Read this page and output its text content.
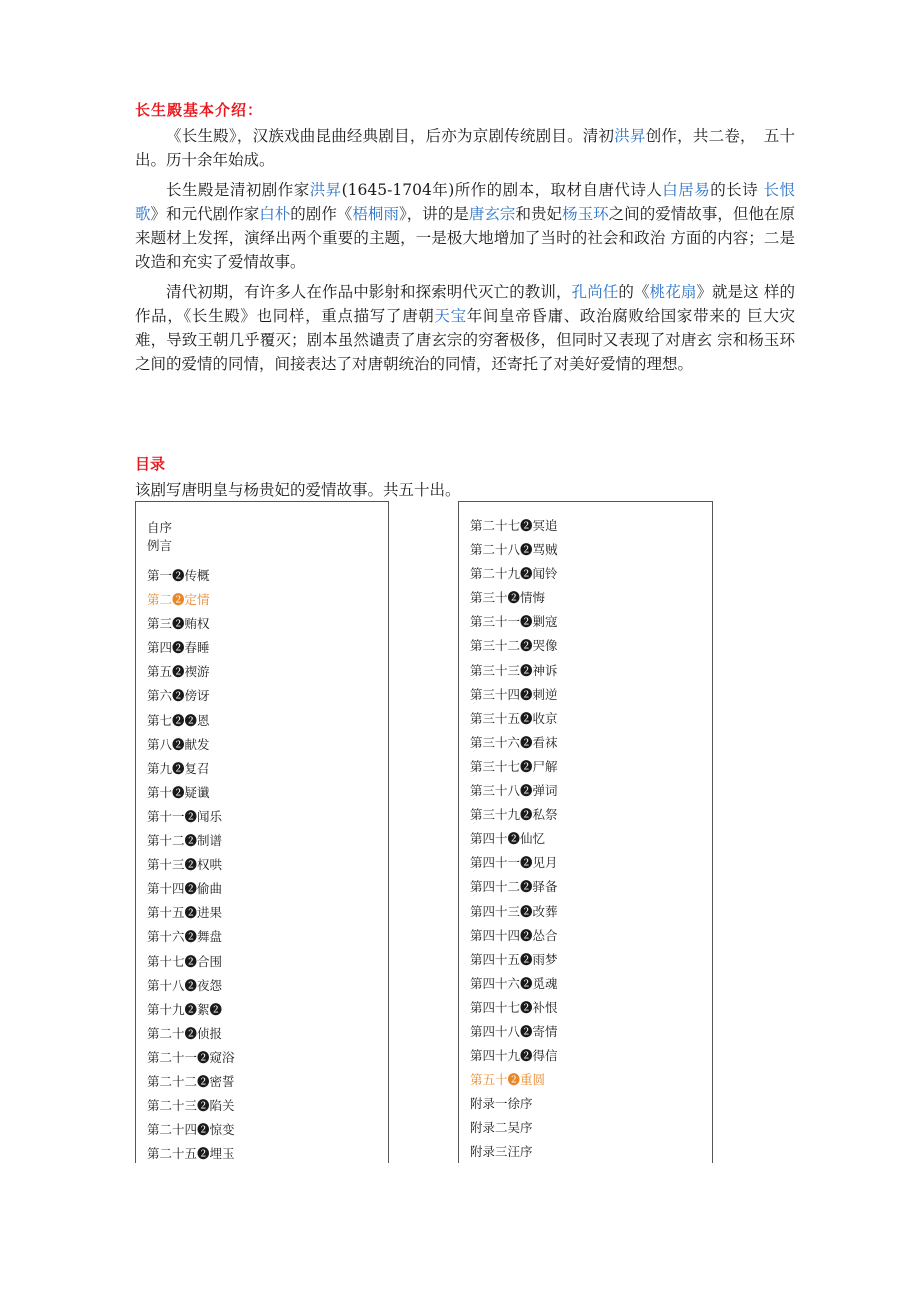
长生殿基本介绍：

《长生殿》，汉族戏曲昆曲经典剧目，后亦为京剧传统剧目。清初洪昇创作，共二卷，　五十出。历十余年始成。

长生殿是清初剧作家洪昇(1645-1704年)所作的剧本，取材自唐代诗人白居易的长诗 长恨歌》和元代剧作家白朴的剧作《梧桐雨》，讲的是唐玄宗和贵妃杨玉环之间的爱情故事，但他在原来题材上发挥，演绎出两个重要的主题，一是极大地增加了当时的社会和政治 方面的内容；二是改造和充实了爱情故事。

清代初期，有许多人在作品中影射和探索明代灭亡的教训，孔尚任的《桃花扇》就是这 样的作品，《长生殿》也同样，重点描写了唐朝天宝年间皇帝昏庸、政治腐败给国家带来的 巨大灾难，导致王朝几乎覆灭；剧本虽然谴责了唐玄宗的穷奢极侈，但同时又表现了对唐玄 宗和杨玉环之间的爱情的同情，间接表达了对唐朝统治的同情，还寄托了对美好爱情的理想。

目录
该剧写唐明皇与杨贵妃的爱情故事。共五十出。
自序
例言
第一❷传概
第二❷定情
第三❷贿权
第四❷春睡
第五❷禊游
第六❷傍讶
第七❷❷恩
第八❷献发
第九❷复召
第十❷疑谶
第十一❷闻乐
第十二❷制谱
第十三❷权哄
第十四❷偷曲
第十五❷进果
第十六❷舞盘
第十七❷合围
第十八❷夜怨
第十九❷絮❷
第二十❷侦报
第二十一❷窥浴
第二十二❷密誓
第二十三❷陷关
第二十四❷惊变
第二十五❷埋玉
第二十七❷冥追
第二十八❷骂贼
第二十九❷闻铃
第三十❷情悔
第三十一❷剿寇
第三十二❷哭像
第三十三❷神诉
第三十四❷刺逆
第三十五❷收京
第三十六❷看袜
第三十七❷尸解
第三十八❷弹词
第三十九❷私祭
第四十❷仙忆
第四十一❷见月
第四十二❷驿备
第四十三❷改葬
第四十四❷怂合
第四十五❷雨梦
第四十六❷觅魂
第四十七❷补恨
第四十八❷寄情
第四十九❷得信
第五十❷重圆
附录一徐序
附录二吴序
附录三汪序
